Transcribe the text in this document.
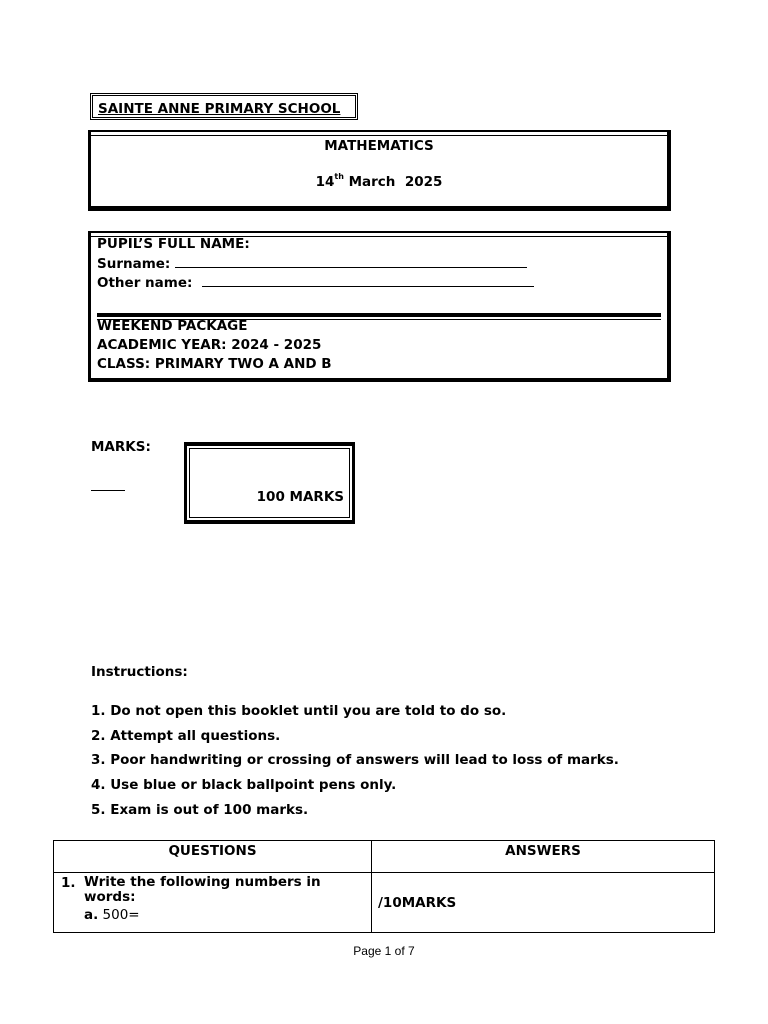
SAINTE ANNE PRIMARY SCHOOL
MATHEMATICS
14th March  2025
PUPIL’S FULL NAME:
Surname:
Other name:
WEEKEND PACKAGE
ACADEMIC YEAR: 2024 - 2025
CLASS: PRIMARY TWO A AND B
MARKS:
100 MARKS
Instructions:
1. Do not open this booklet until you are told to do so.
2. Attempt all questions.
3. Poor handwriting or crossing of answers will lead to loss of marks.
4. Use blue or black ballpoint pens only.
5. Exam is out of 100 marks.
QUESTIONS	ANSWERS

1. Write the following numbers in words:
a. 500=	/10MARKS
Page 1 of 7
